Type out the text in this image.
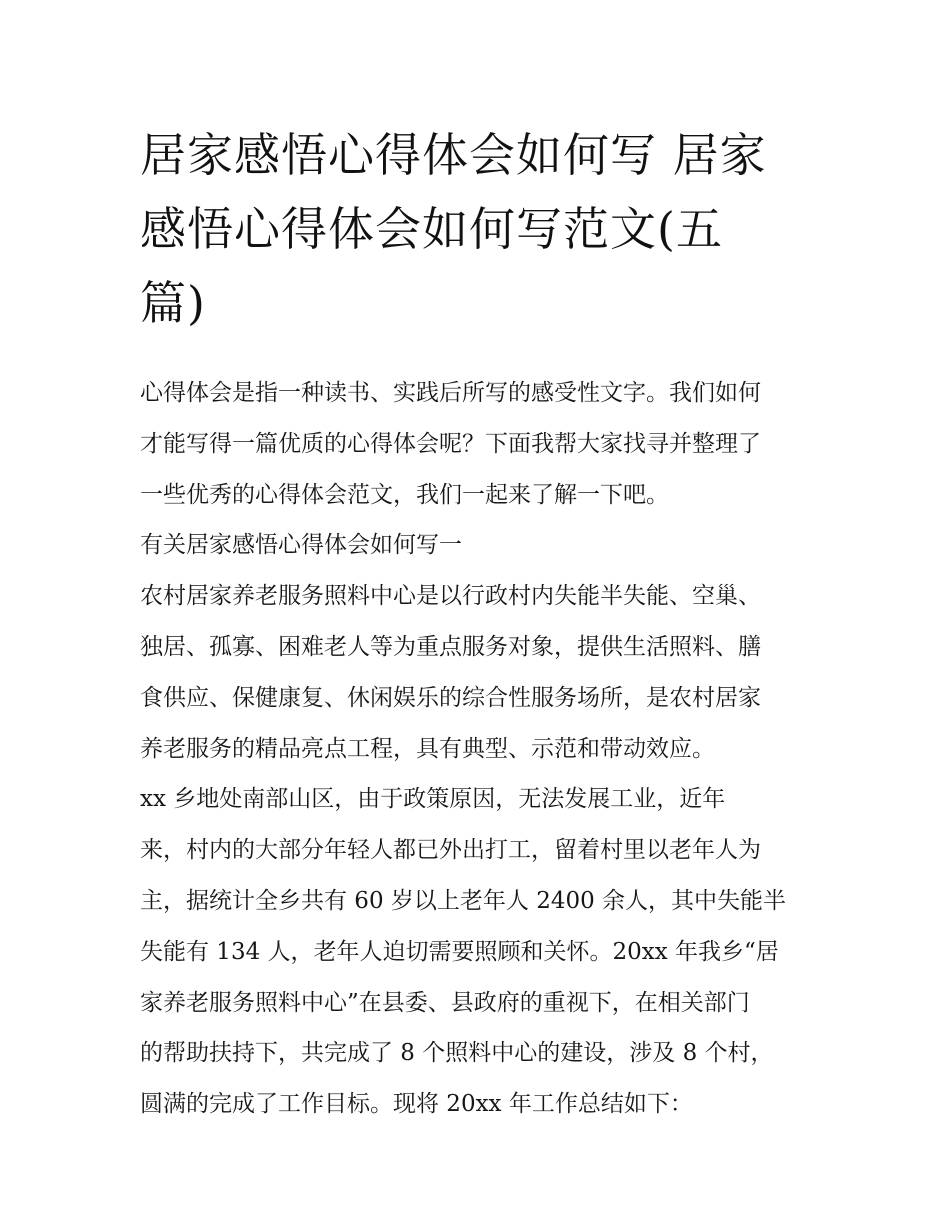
居家感悟心得体会如何写 居家
感悟心得体会如何写范文(五
篇)
心得体会是指一种读书、实践后所写的感受性文字。我们如何
才能写得一篇优质的心得体会呢？下面我帮大家找寻并整理了
一些优秀的心得体会范文，我们一起来了解一下吧。
有关居家感悟心得体会如何写一
农村居家养老服务照料中心是以行政村内失能半失能、空巢、
独居、孤寡、困难老人等为重点服务对象，提供生活照料、膳
食供应、保健康复、休闲娱乐的综合性服务场所，是农村居家
养老服务的精品亮点工程，具有典型、示范和带动效应。
xx 乡地处南部山区，由于政策原因，无法发展工业，近年
来，村内的大部分年轻人都已外出打工，留着村里以老年人为
主，据统计全乡共有 60 岁以上老年人 2400 余人，其中失能半
失能有 134 人，老年人迫切需要照顾和关怀。20xx 年我乡“居
家养老服务照料中心”在县委、县政府的重视下，在相关部门
的帮助扶持下，共完成了 8 个照料中心的建设，涉及 8 个村，
圆满的完成了工作目标。现将 20xx 年工作总结如下：
